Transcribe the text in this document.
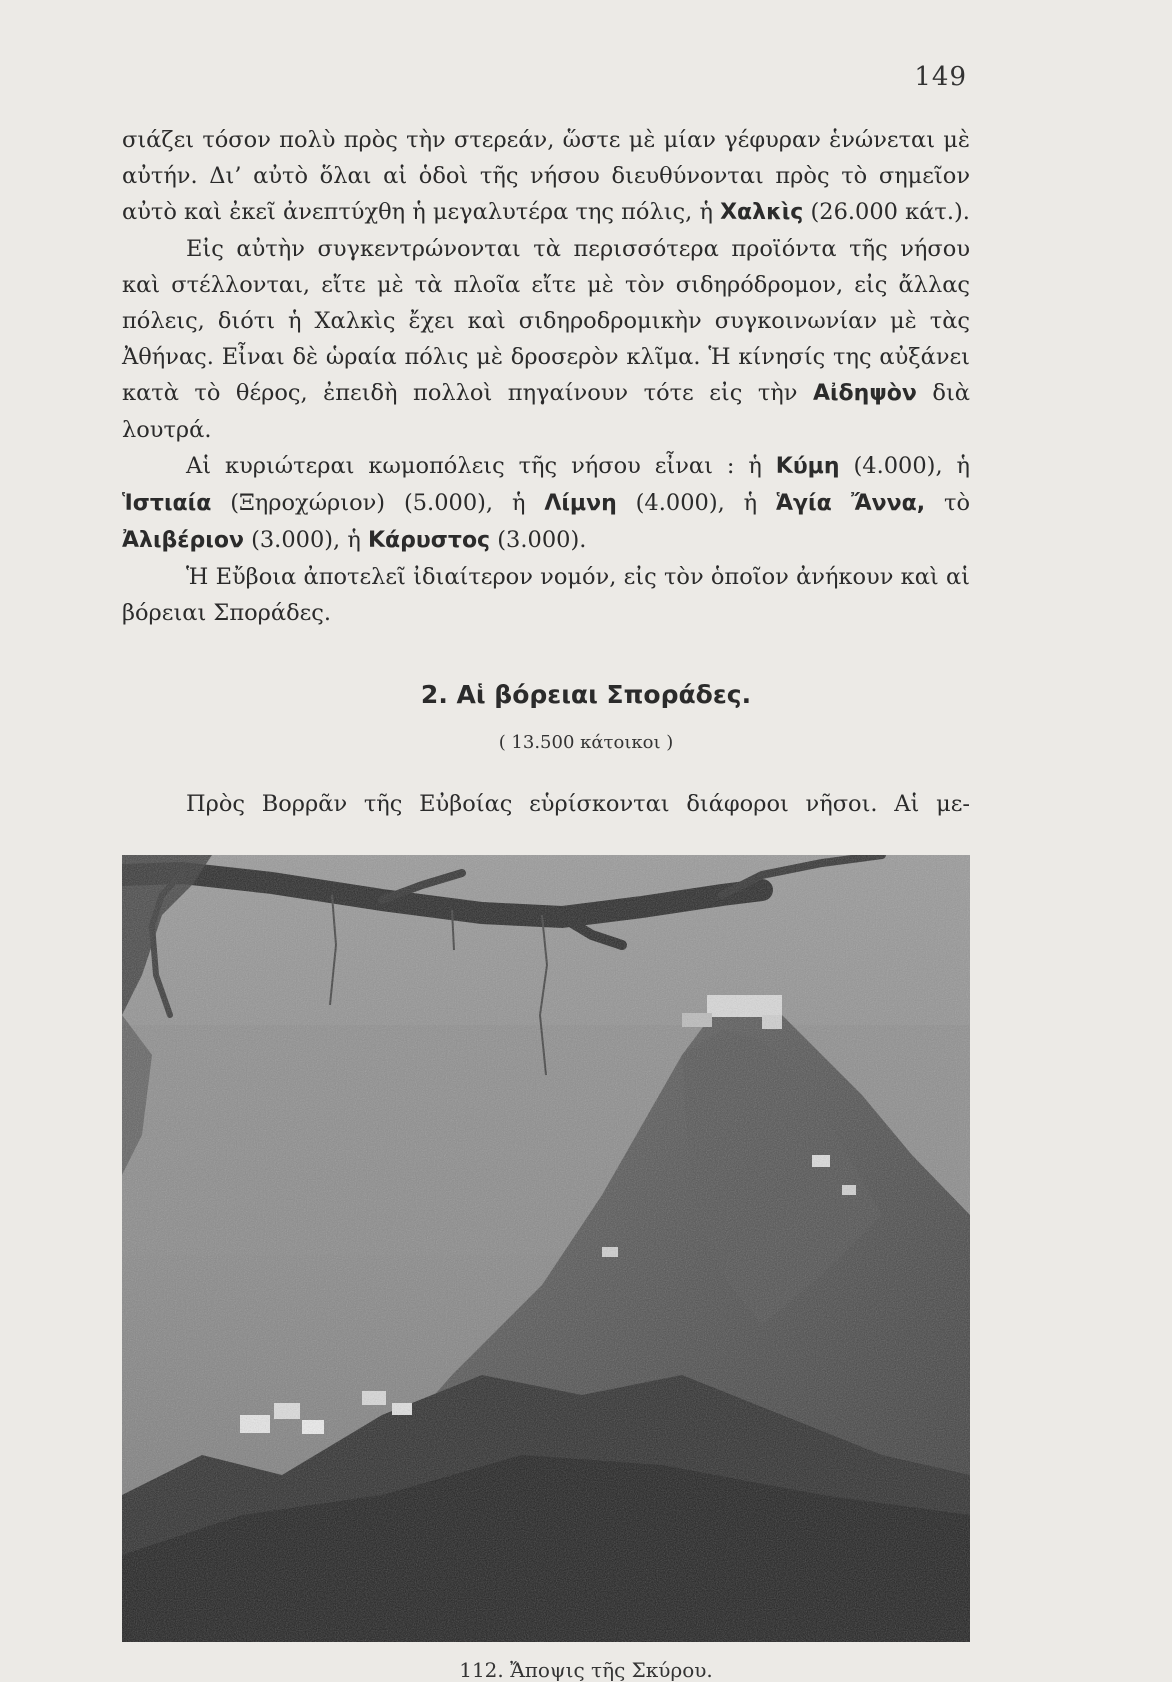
149

σιάζει τόσον πολὺ πρὸς τὴν στερεάν, ὥστε μὲ μίαν γέφυραν ἑνώνεται μὲ αὐτήν. Δι’ αὐτὸ ὅλαι αἱ ὁδοὶ τῆς νήσου διευθύνονται πρὸς τὸ σημεῖον αὐτὸ καὶ ἐκεῖ ἀνεπτύχθη ἡ μεγαλυτέρα της πόλις, ἡ Χαλκὶς (26.000 κάτ.).

Εἰς αὐτὴν συγκεντρώνονται τὰ περισσότερα προϊόντα τῆς νήσου καὶ στέλλονται, εἴτε μὲ τὰ πλοῖα εἴτε μὲ τὸν σιδηρόδρομον, εἰς ἄλλας πόλεις, διότι ἡ Χαλκὶς ἔχει καὶ σιδηροδρομικὴν συγκοινωνίαν μὲ τὰς Ἀθήνας. Εἶναι δὲ ὡραία πόλις μὲ δροσερὸν κλῖμα. Ἡ κίνησίς της αὐξάνει κατὰ τὸ θέρος, ἐπειδὴ πολλοὶ πηγαίνουν τότε εἰς τὴν Αἰδηψὸν διὰ λουτρά.

Αἱ κυριώτεραι κωμοπόλεις τῆς νήσου εἶναι : ἡ Κύμη (4.000), ἡ Ἱστιαία (Ξηροχώριον) (5.000), ἡ Λίμνη (4.000), ἡ Ἁγία Ἄννα, τὸ Ἀλιβέριον (3.000), ἡ Κάρυστος (3.000).

Ἡ Εὔβοια ἀποτελεῖ ἰδιαίτερον νομόν, εἰς τὸν ὁποῖον ἀνήκουν καὶ αἱ βόρειαι Σποράδες.

2. Αἱ βόρειαι Σποράδες.
( 13.500 κάτοικοι )
Πρὸς Βορρᾶν τῆς Εὐβοίας εὑρίσκονται διάφοροι νῆσοι. Αἱ με-
112. Ἄποψις τῆς Σκύρου.
